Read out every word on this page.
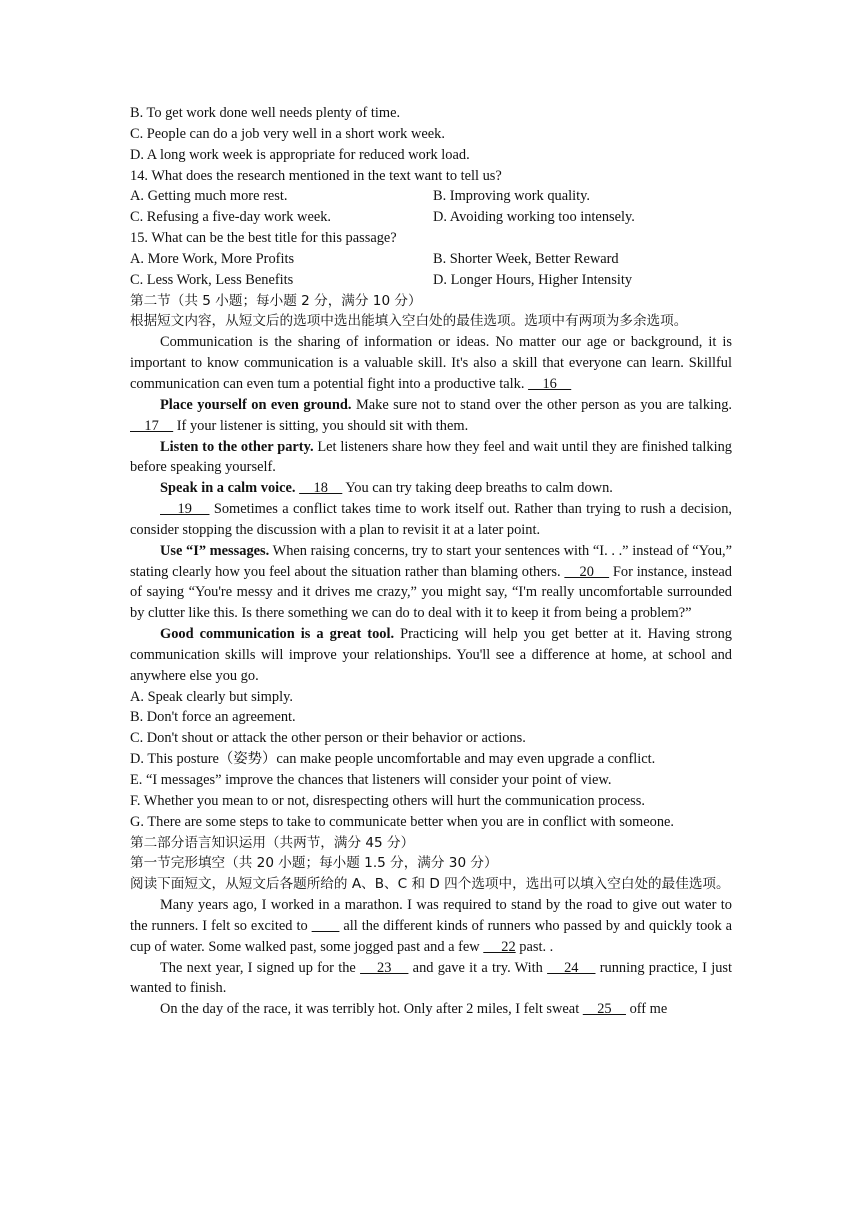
B. To get work done well needs plenty of time.
C. People can do a job very well in a short work week.
D. A long work week is appropriate for reduced work load.
14. What does the research mentioned in the text want to tell us?
A. Getting much more rest.	B. Improving work quality.
C. Refusing a five-day work week.	D. Avoiding working too intensely.
15. What can be the best title for this passage?
A. More Work, More Profits	B. Shorter Week, Better Reward
C. Less Work, Less Benefits	D. Longer Hours, Higher Intensity
第二节（共 5 小题；每小题 2 分，满分 10 分）
根据短文内容，从短文后的选项中选出能填入空白处的最佳选项。选项中有两项为多余选项。
Communication is the sharing of information or ideas. No matter our age or background, it is important to know communication is a valuable skill. It's also a skill that everyone can learn. Skillful communication can even tum a potential fight into a productive talk.     16
Place yourself on even ground. Make sure not to stand over the other person as you are talking.     17     If your listener is sitting, you should sit with them.
Listen to the other party. Let listeners share how they feel and wait until they are finished talking before speaking yourself.
Speak in a calm voice.     18     You can try taking deep breaths to calm down.
19     Sometimes a conflict takes time to work itself out. Rather than trying to rush a decision, consider stopping the discussion with a plan to revisit it at a later point.
Use “I” messages. When raising concerns, try to start your sentences with “I. . .” instead of “You,” stating clearly how you feel about the situation rather than blaming others.     20     For instance, instead of saying “You're messy and it drives me crazy,” you might say, “I'm really uncomfortable surrounded by clutter like this. Is there something we can do to deal with it to keep it from being a problem?”
Good communication is a great tool. Practicing will help you get better at it. Having strong communication skills will improve your relationships. You'll see a difference at home, at school and anywhere else you go.
A. Speak clearly but simply.
B. Don't force an agreement.
C. Don't shout or attack the other person or their behavior or actions.
D. This posture（姿势）can make people uncomfortable and may even upgrade a conflict.
E. “I messages” improve the chances that listeners will consider your point of view.
F. Whether you mean to or not, disrespecting others will hurt the communication process.
G. There are some steps to take to communicate better when you are in conflict with someone.
第二部分语言知识运用（共两节，满分 45 分）
第一节完形填空（共 20 小题；每小题 1.5 分，满分 30 分）
阅读下面短文，从短文后各题所给的 A、B、C 和 D 四个选项中，选出可以填入空白处的最佳选项。
Many years ago, I worked in a marathon. I was required to stand by the road to give out water to the runners. I felt so excited to         all the different kinds of runners who passed by and quickly took a cup of water. Some walked past, some jogged past and a few      22 past. .
The next year, I signed up for the     23     and gave it a try. With     24     running practice, I just wanted to finish.
On the day of the race, it was terribly hot. Only after 2 miles, I felt sweat     25     off me
